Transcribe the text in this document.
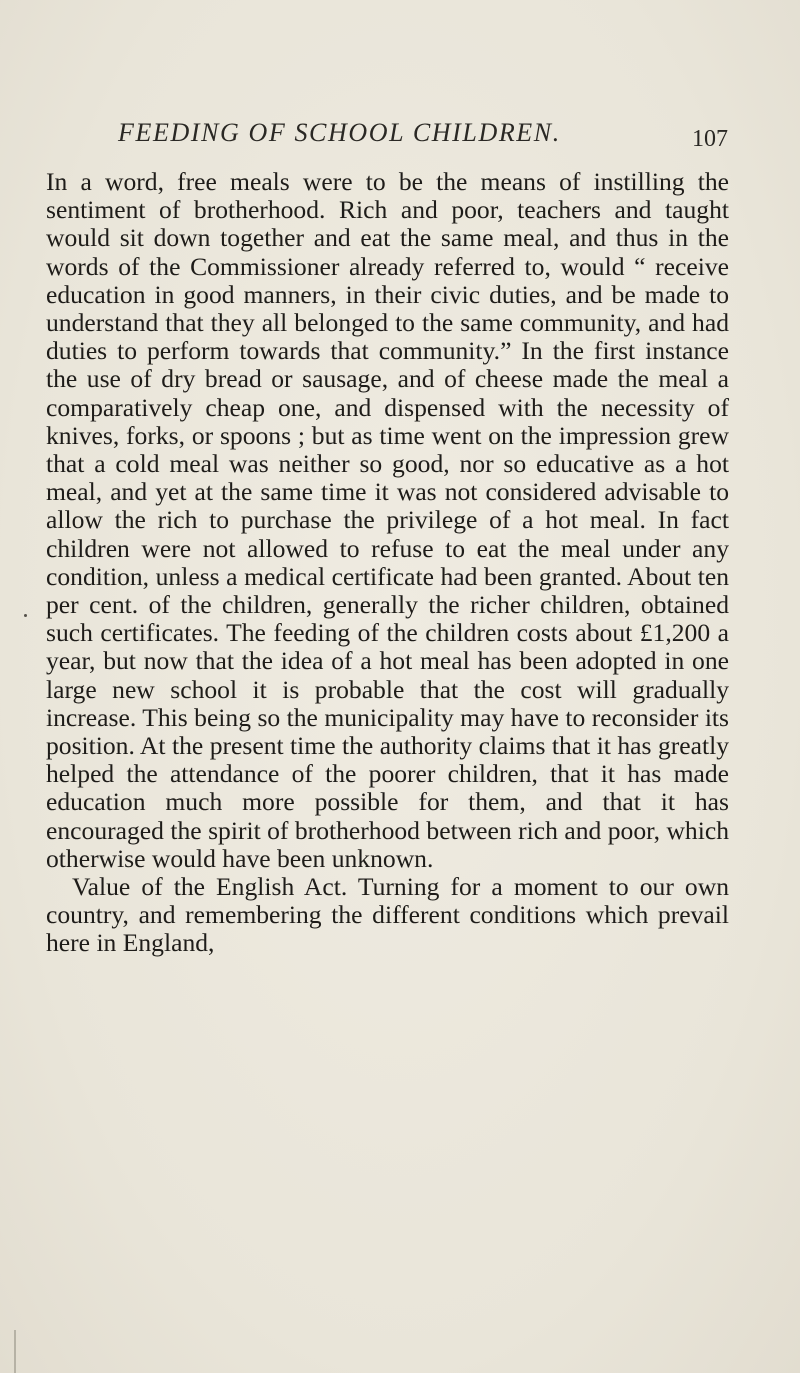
FEEDING OF SCHOOL CHILDREN.	107

In a word, free meals were to be the means of instilling the sentiment of brotherhood. Rich and poor, teachers and taught would sit down together and eat the same meal, and thus in the words of the Commissioner already referred to, would “ receive education in good manners, in their civic duties, and be made to understand that they all belonged to the same community, and had duties to perform towards that community.” In the first instance the use of dry bread or sausage, and of cheese made the meal a comparatively cheap one, and dispensed with the necessity of knives, forks, or spoons ; but as time went on the impression grew that a cold meal was neither so good, nor so educative as a hot meal, and yet at the same time it was not considered advisable to allow the rich to purchase the privilege of a hot meal. In fact children were not allowed to refuse to eat the meal under any condition, unless a medical certificate had been granted. About ten per cent. of the children, generally the richer children, obtained such certificates. The feeding of the children costs about £1,200 a year, but now that the idea of a hot meal has been adopted in one large new school it is probable that the cost will gradually increase. This being so the municipality may have to reconsider its position. At the present time the authority claims that it has greatly helped the attendance of the poorer children, that it has made education much more possible for them, and that it has encouraged the spirit of brotherhood between rich and poor, which otherwise would have been unknown.

Value of the English Act. Turning for a moment to our own country, and remembering the different conditions which prevail here in England,
